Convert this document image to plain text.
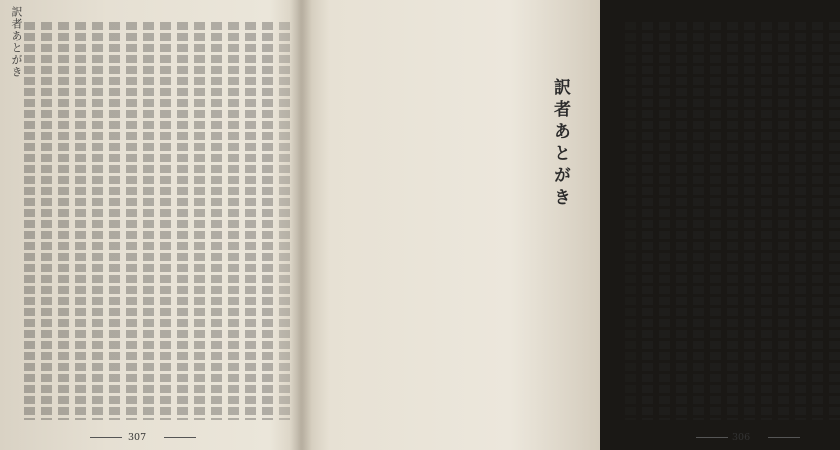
訳者あとがき
307	306
訳者あとがき
